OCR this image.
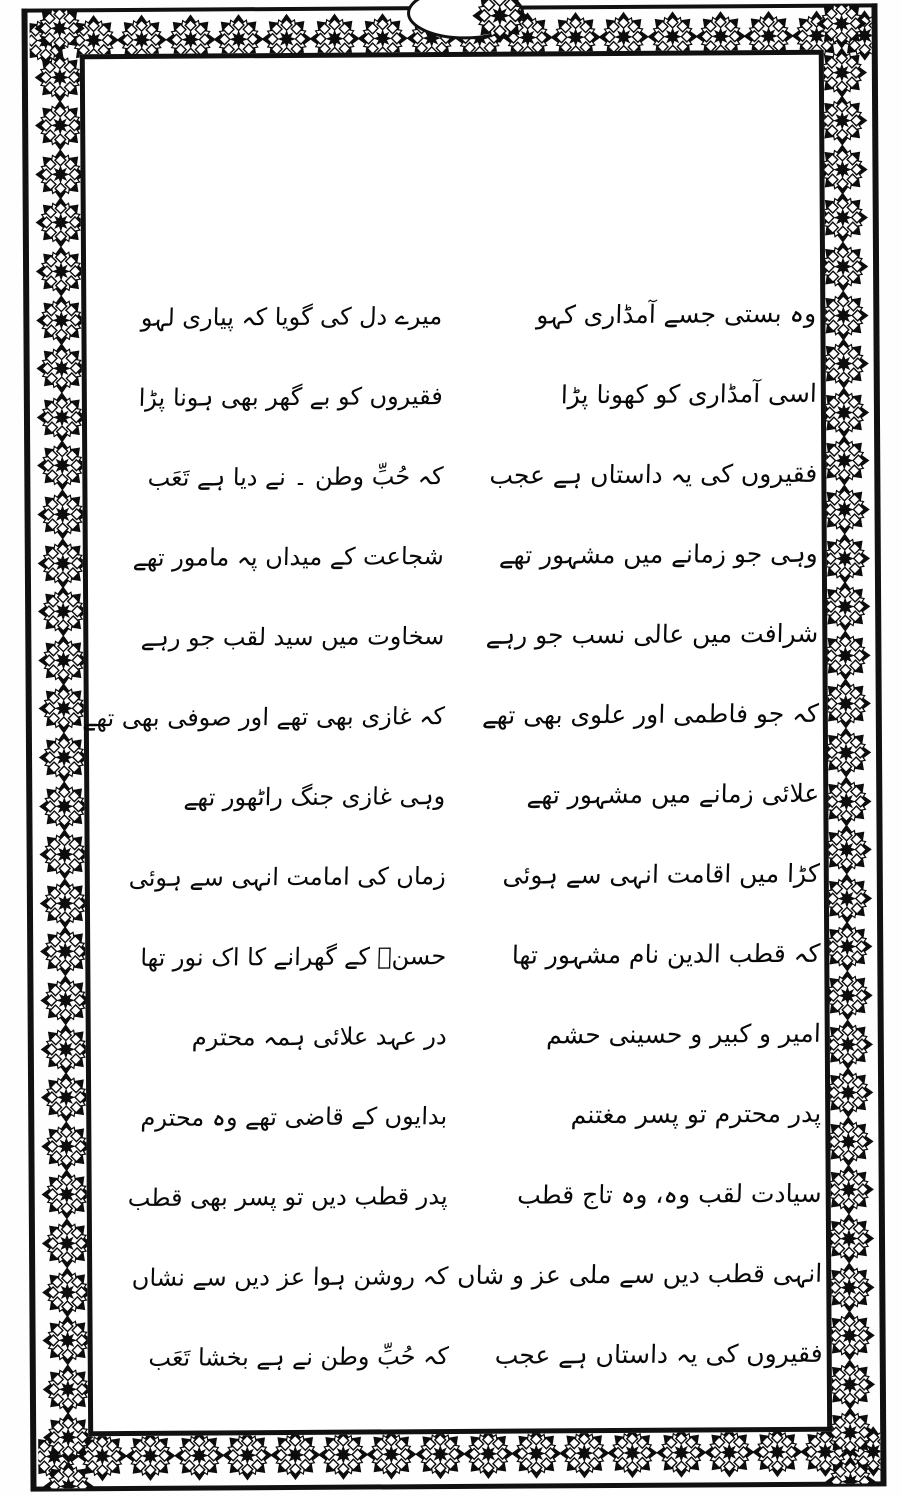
وہ بستی جسے آمڈاری کہو
اسی آمڈاری کو کھونا پڑا
فقیروں کی یہ داستاں ہے عجب
وہی جو زمانے میں مشہور تھے
شرافت میں عالی نسب جو رہے
کہ جو فاطمی اور علوی بھی تھے
علائی زمانے میں مشہور تھے
کڑا میں اقامت انہی سے ہوئی
کہ قطب الدین نام مشہور تھا
امیر و کبیر و حسینی حشم
پدر محترم تو پسر مغتنم
سیادت لقب وہ، وہ تاج قطب
انہی قطب دیں سے ملی عز و شاں
فقیروں کی یہ داستاں ہے عجب
میرے دل کی گویا کہ پیاری لہو
فقیروں کو بے گھر بھی ہونا پڑا
کہ حُبِّ وطن ۔ نے دیا ہے تَعَب
شجاعت کے میداں پہ مامور تھے
سخاوت میں سید لقب جو رہے
کہ غازی بھی تھے اور صوفی بھی تھے
وہی غازی جنگ راٹھور تھے
زماں کی امامت انہی سے ہوئی
حسنؓ کے گھرانے کا اک نور تھا
در عہد علائی ہمہ محترم
بدایوں کے قاضی تھے وہ محترم
پدر قطب دیں تو پسر بھی قطب
کہ روشن ہوا عز دیں سے نشاں
کہ حُبِّ وطن نے ہے بخشا تَعَب
